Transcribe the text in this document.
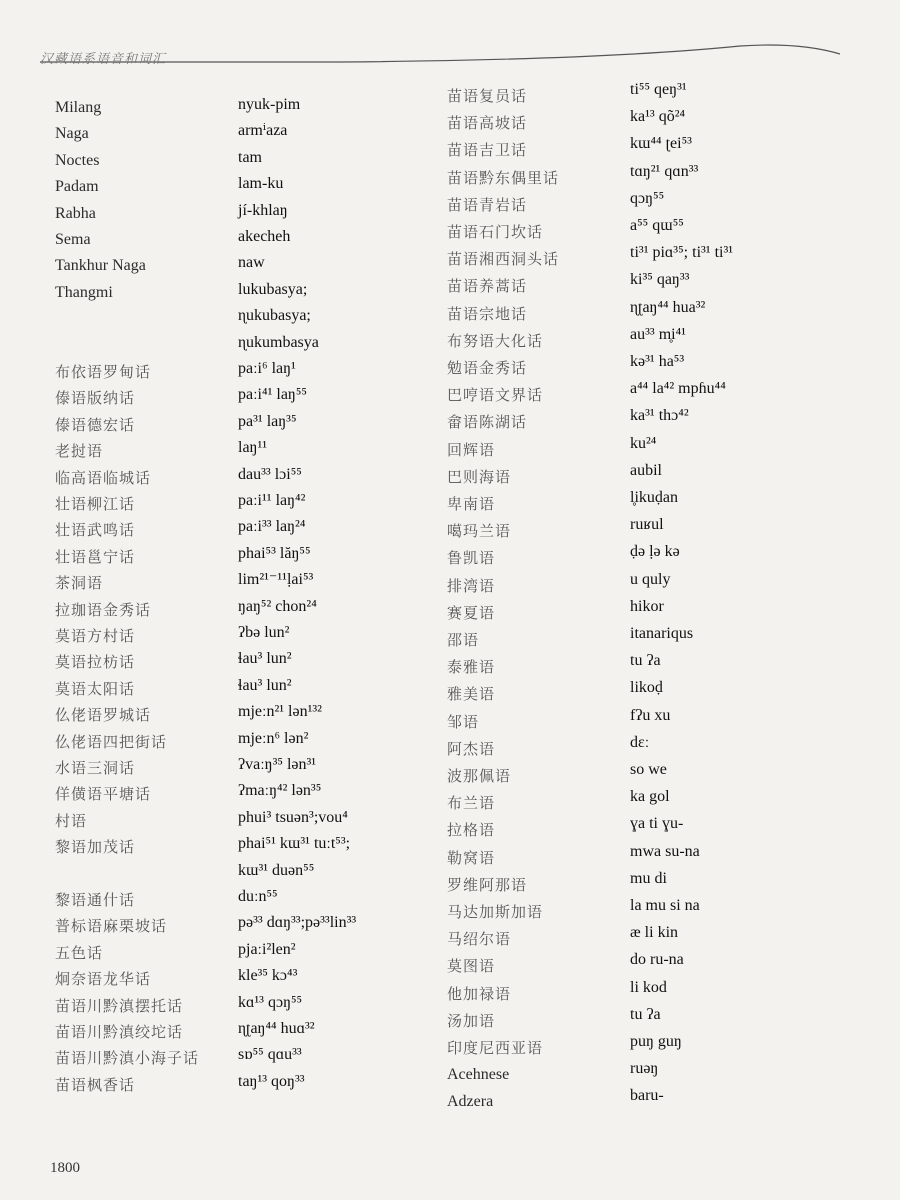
汉藏语系语音和词汇
Milang
Naga
Noctes
Padam
Rabha
Sema
Tankhur Naga
Thangmi
布依语罗甸话
傣语版纳话
傣语德宏话
老挝语
临高语临城话
壮语柳江话
壮语武鸣话
壮语邕宁话
茶洞语
拉珈语金秀话
莫语方村话
莫语拉枋话
莫语太阳话
仫佬语罗城话
仫佬语四把街话
水语三洞话
佯僙语平塘话
村语
黎语加茂话
黎语通什话
普标语麻栗坡话
五色话
炯奈语龙华话
苗语川黔滇摆托话
苗语川黔滇绞坨话
苗语川黔滇小海子话
苗语枫香话
nyuk-pim
armⁱaza
tam
lam-ku
jí-khlaŋ
akecheh
naw
lukubasya;
ɳukubasya;
ɳukumbasya
paːi⁶ laŋ¹
paːi⁴¹ laŋ⁵⁵
pa³¹ laŋ³⁵
laŋ¹¹
dau³³ lɔi⁵⁵
paːi¹¹ laŋ⁴²
paːi³³ laŋ²⁴
phai⁵³ lăŋ⁵⁵
lim²¹⁻¹¹ḷai⁵³
ŋaŋ⁵² chon²⁴
ʔbə lun²
ɬau³ lun²
ɬau³ lun²
mjeːn²¹ lən¹³²
mjeːn⁶ lən²
ʔvaːŋ³⁵ lən³¹
ʔmaːŋ⁴² lən³⁵
phui³ tsuən³;vou⁴
phai⁵¹ kɯ³¹ tuːt⁵³;
kɯ³¹ duən⁵⁵
duːn⁵⁵
pə³³ dɑŋ³³;pə³³lin³³
pjaːi²len²
kle³⁵ kɔ⁴³
kɑ¹³ qɔŋ⁵⁵
ɳʈaŋ⁴⁴ huɑ³²
sɒ⁵⁵ qɑu³³
taŋ¹³ qoŋ³³
苗语复员话
苗语高坡话
苗语吉卫话
苗语黔东偶里话
苗语青岩话
苗语石门坎话
苗语湘西洞头话
苗语养蒿话
苗语宗地话
布努语大化话
勉语金秀话
巴哼语文界话
畲语陈湖话
回辉语
巴则海语
卑南语
噶玛兰语
鲁凯语
排湾语
赛夏语
邵语
泰雅语
雅美语
邹语
阿杰语
波那佩语
布兰语
拉格语
勒窝语
罗维阿那语
马达加斯加语
马绍尔语
莫图语
他加禄语
汤加语
印度尼西亚语
Acehnese
Adzera
ti⁵⁵ qeŋ³¹
ka¹³ qõ²⁴
kɯ⁴⁴ ʈei⁵³
tɑŋ²¹ qɑn³³
qɔŋ⁵⁵
a⁵⁵ qɯ⁵⁵
ti³¹ piɑ³⁵; ti³¹ ti³¹
ki³⁵ qaŋ³³
ɳʈaŋ⁴⁴ hua³²
au³³ m̥i⁴¹
kə³¹ ha⁵³
a⁴⁴ la⁴² mpɦu⁴⁴
ka³¹ thɔ⁴²
ku²⁴
aubil
l̥ikuḍan
ruʁul
ḍə ḷə kə
u quly
hikor
itanariqus
tu ʔa
likoḍ
fʔu xu
dɛː
so we
ka gol
ɣa ti ɣu-
mwa su-na
mu di
la mu si na
æ li kin
do ru-na
li kod
tu ʔa
puŋ guŋ
ruəŋ
baru-
1800
